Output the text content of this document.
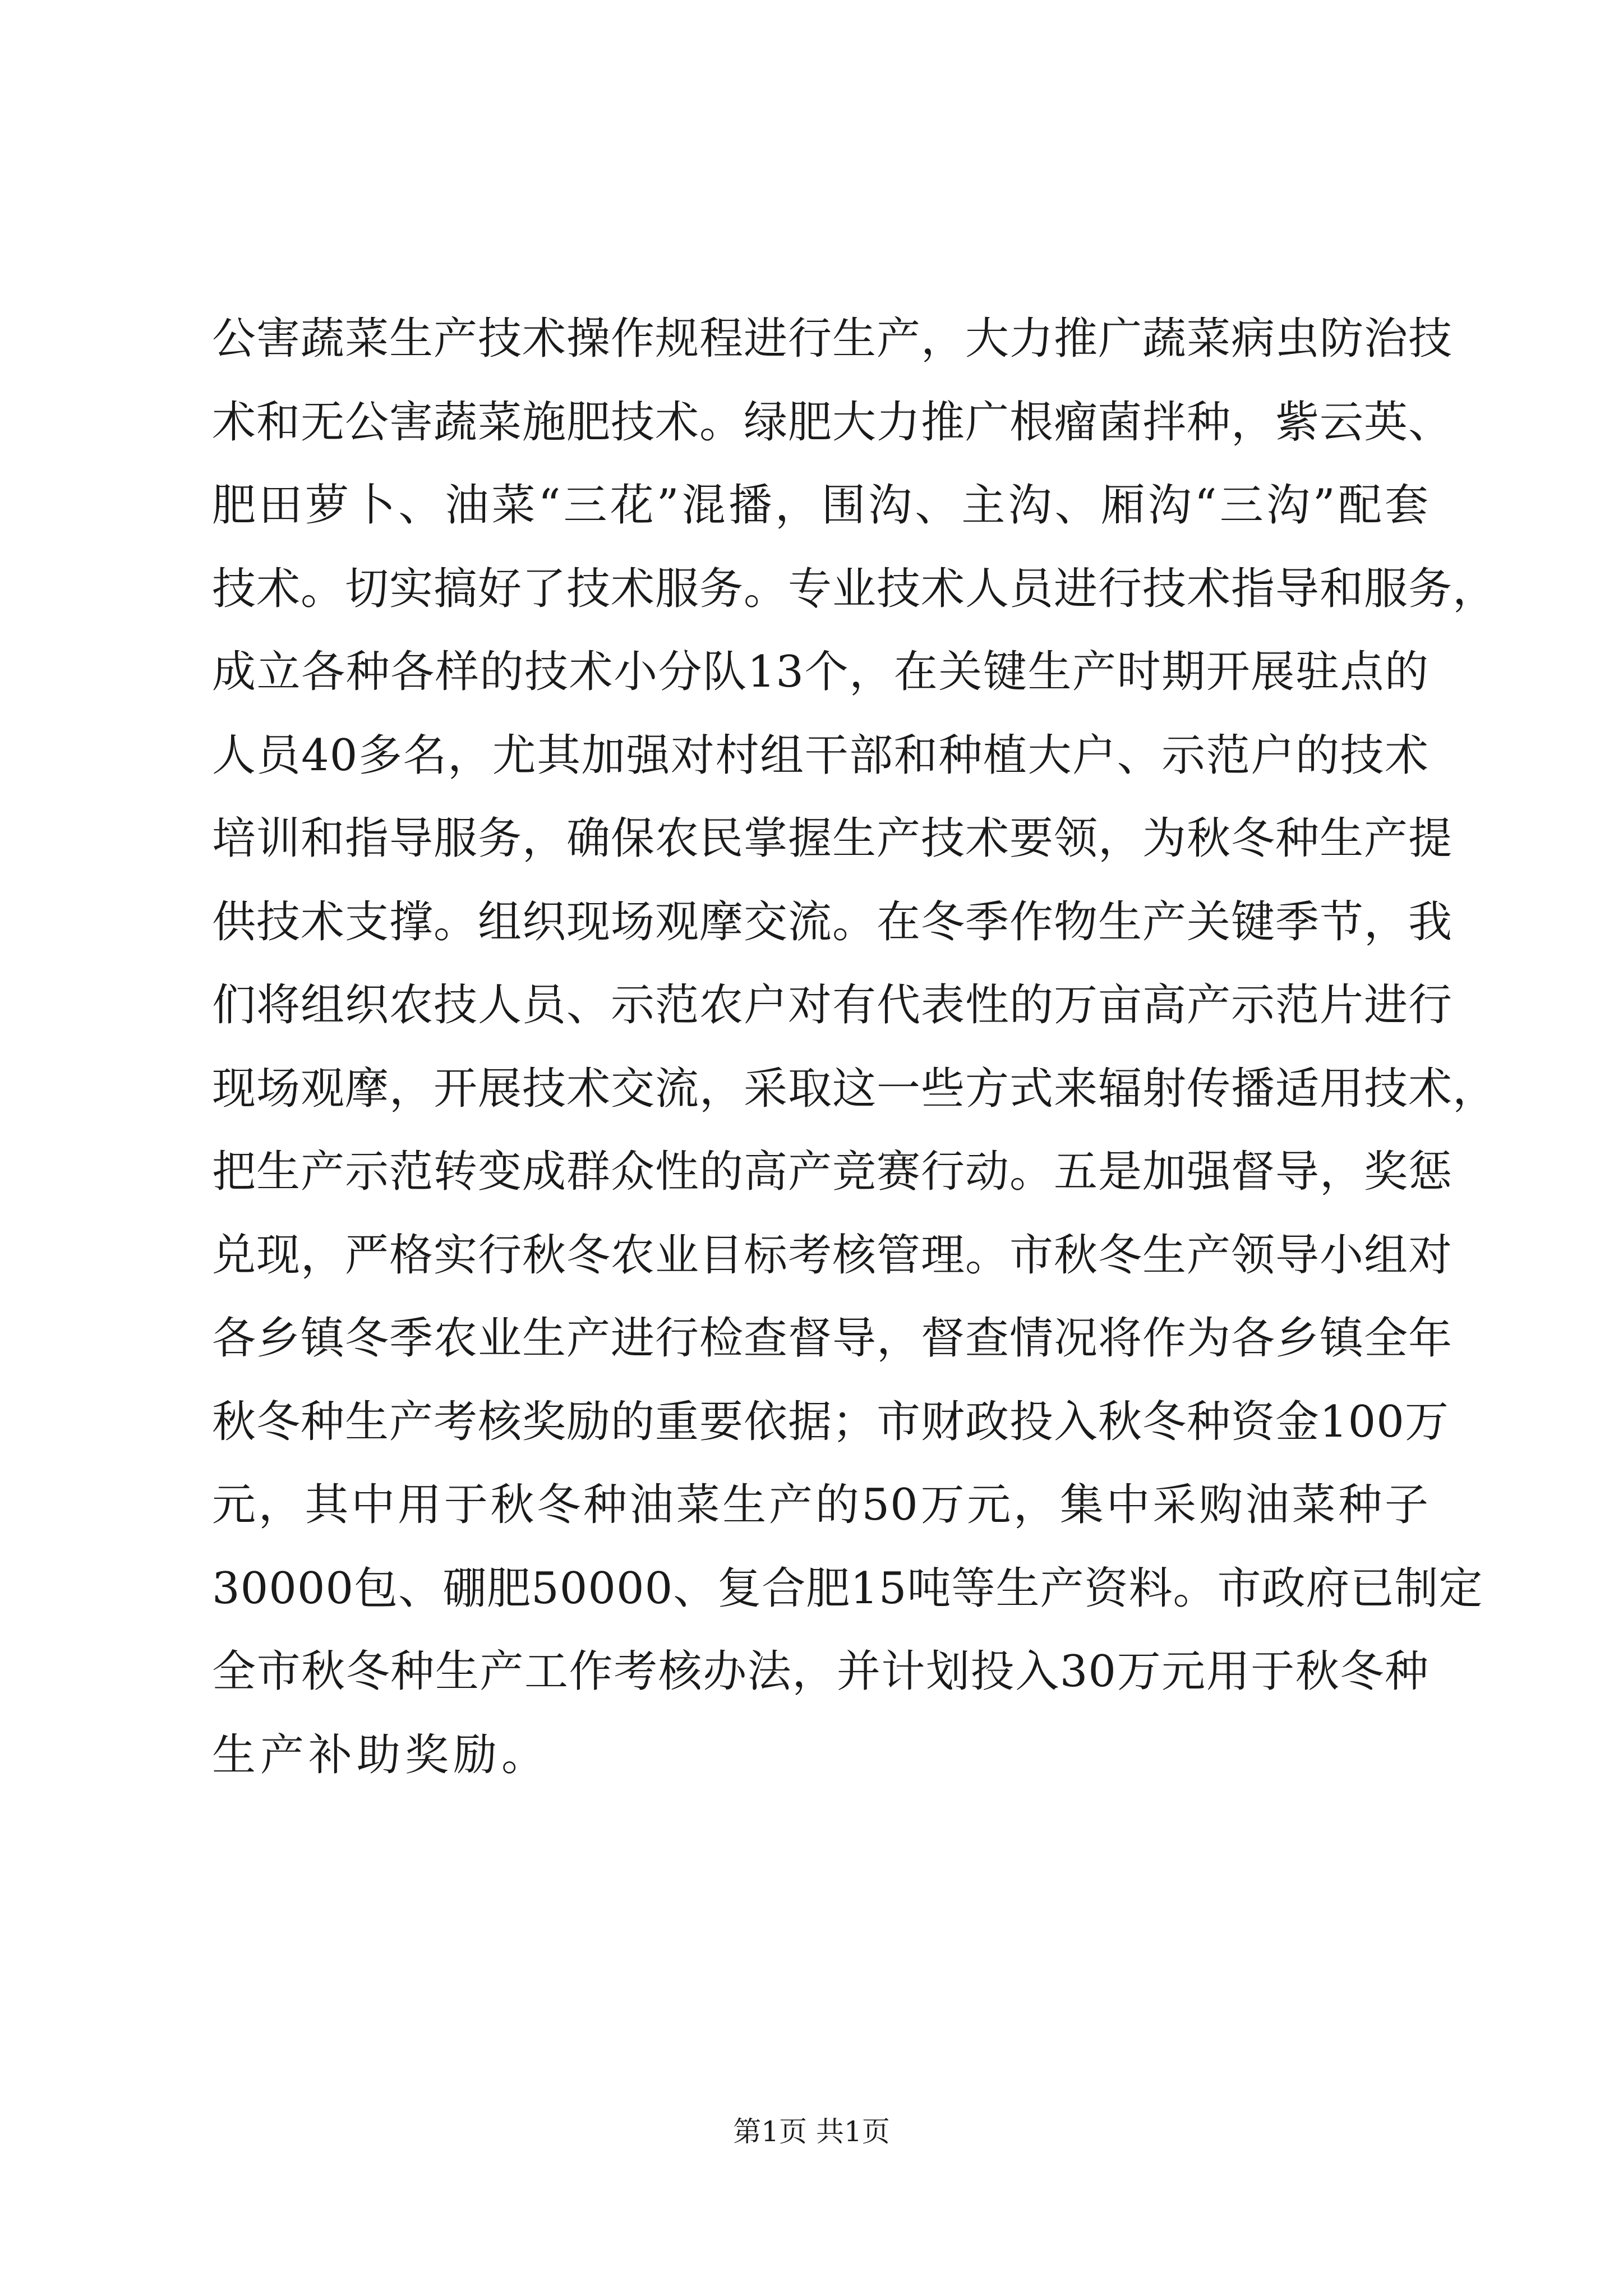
公害蔬菜生产技术操作规程进行生产，大力推广蔬菜病虫防治技
术和无公害蔬菜施肥技术。绿肥大力推广根瘤菌拌种，紫云英、
肥田萝卜、油菜“三花”混播，围沟、主沟、厢沟“三沟”配套
技术。切实搞好了技术服务。专业技术人员进行技术指导和服务，
成立各种各样的技术小分队13个，在关键生产时期开展驻点的
人员40多名，尤其加强对村组干部和种植大户、示范户的技术
培训和指导服务，确保农民掌握生产技术要领，为秋冬种生产提
供技术支撑。组织现场观摩交流。在冬季作物生产关键季节，我
们将组织农技人员、示范农户对有代表性的万亩高产示范片进行
现场观摩，开展技术交流，采取这一些方式来辐射传播适用技术，
把生产示范转变成群众性的高产竞赛行动。五是加强督导，奖惩
兑现，严格实行秋冬农业目标考核管理。市秋冬生产领导小组对
各乡镇冬季农业生产进行检查督导，督查情况将作为各乡镇全年
秋冬种生产考核奖励的重要依据；市财政投入秋冬种资金100万
元，其中用于秋冬种油菜生产的50万元，集中采购油菜种子
30000包、硼肥50000、复合肥15吨等生产资料。市政府已制定
全市秋冬种生产工作考核办法，并计划投入30万元用于秋冬种
生产补助奖励。
第1页 共1页
